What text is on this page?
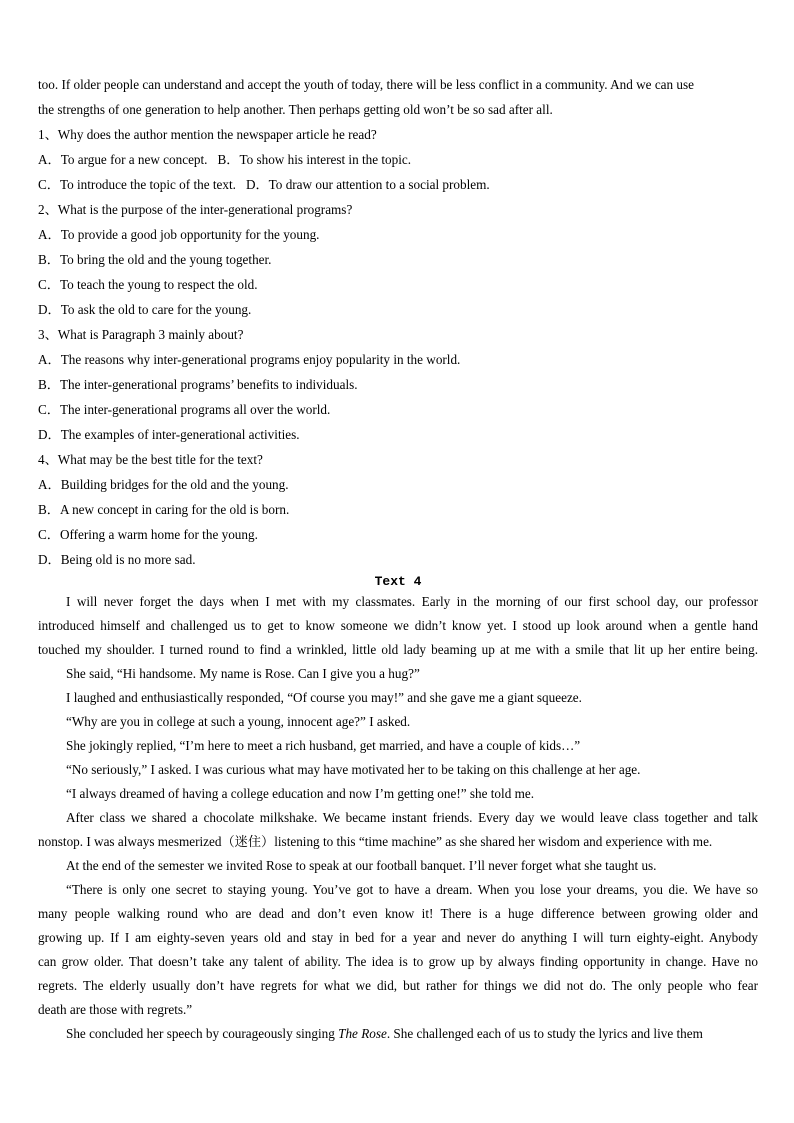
too. If older people can understand and accept the youth of today, there will be less conflict in a community. And we can use

the strengths of one generation to help another. Then perhaps getting old won’t be so sad after all.

1、Why does the author mention the newspaper article he read?

A．To argue for a new concept. B．To show his interest in the topic.

C．To introduce the topic of the text. D．To draw our attention to a social problem.

2、What is the purpose of the inter-generational programs?

A．To provide a good job opportunity for the young.

B．To bring the old and the young together.

C．To teach the young to respect the old.

D．To ask the old to care for the young.

3、What is Paragraph 3 mainly about?

A．The reasons why inter-generational programs enjoy popularity in the world.

B．The inter-generational programs’ benefits to individuals.

C．The inter-generational programs all over the world.

D．The examples of inter-generational activities.

4、What may be the best title for the text?

A．Building bridges for the old and the young.

B．A new concept in caring for the old is born.

C．Offering a warm home for the young.

D．Being old is no more sad.

Text 4
I will never forget the days when I met with my classmates. Early in the morning of our first school day, our professor
introduced himself and challenged us to get to know someone we didn’t know yet. I stood up look around when a gentle hand
touched my shoulder. I turned round to find a wrinkled, little old lady beaming up at me with a smile that lit up her entire being.

She said, “Hi handsome. My name is Rose. Can I give you a hug?”

I laughed and enthusiastically responded, “Of course you may!” and she gave me a giant squeeze.

“Why are you in college at such a young, innocent age?” I asked.

She jokingly replied, “I’m here to meet a rich husband, get married, and have a couple of kids…”

“No seriously,” I asked. I was curious what may have motivated her to be taking on this challenge at her age.

“I always dreamed of having a college education and now I’m getting one!” she told me.

After class we shared a chocolate milkshake. We became instant friends. Every day we would leave class together and talk
nonstop. I was always mesmerized（迷住）listening to this “time machine” as she shared her wisdom and experience with me.

At the end of the semester we invited Rose to speak at our football banquet. I’ll never forget what she taught us.

“There is only one secret to staying young. You’ve got to have a dream. When you lose your dreams, you die. We have so
many people walking round who are dead and don’t even know it! There is a huge difference between growing older and
growing up. If I am eighty-seven years old and stay in bed for a year and never do anything I will turn eighty-eight. Anybody
can grow older. That doesn’t take any talent of ability. The idea is to grow up by always finding opportunity in change. Have no
regrets. The elderly usually don’t have regrets for what we did, but rather for things we did not do. The only people who fear
death are those with regrets.”

She concluded her speech by courageously singing The Rose. She challenged each of us to study the lyrics and live them
